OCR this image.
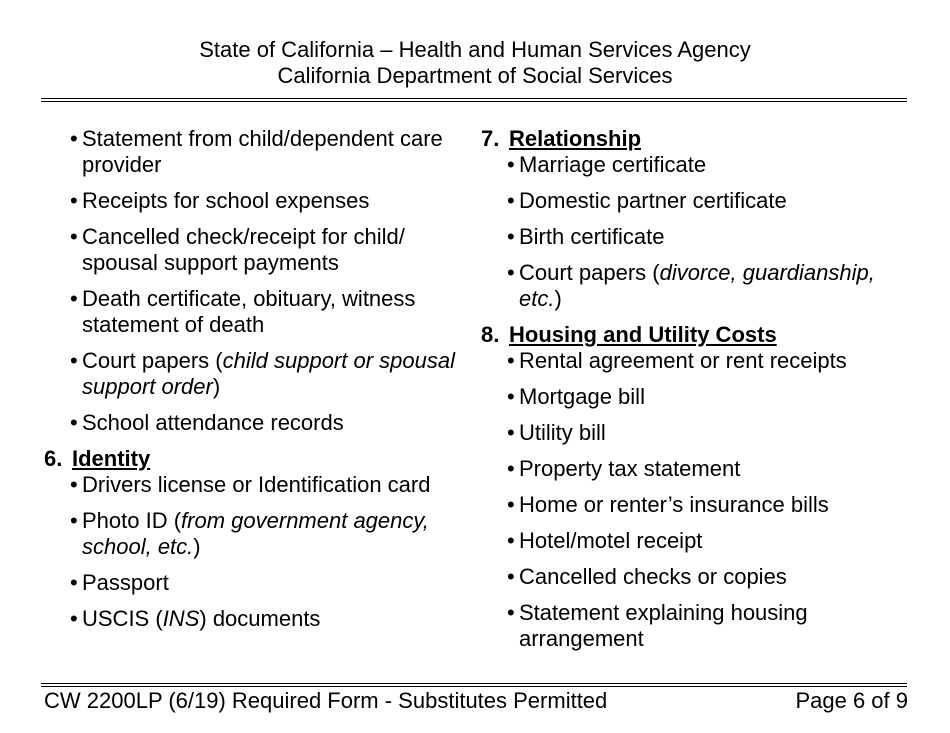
State of California – Health and Human Services Agency
California Department of Social Services
• Statement from child/dependent care provider
• Receipts for school expenses
• Cancelled check/receipt for child/ spousal support payments
• Death certificate, obituary, witness statement of death
• Court papers (child support or spousal support order)
• School attendance records
6. Identity
• Drivers license or Identification card
• Photo ID (from government agency, school, etc.)
• Passport
• USCIS (INS) documents
7. Relationship
• Marriage certificate
• Domestic partner certificate
• Birth certificate
• Court papers (divorce, guardianship, etc.)
8. Housing and Utility Costs
• Rental agreement or rent receipts
• Mortgage bill
• Utility bill
• Property tax statement
• Home or renter’s insurance bills
• Hotel/motel receipt
• Cancelled checks or copies
• Statement explaining housing arrangement
CW 2200LP (6/19) Required Form - Substitutes Permitted	Page 6 of 9
